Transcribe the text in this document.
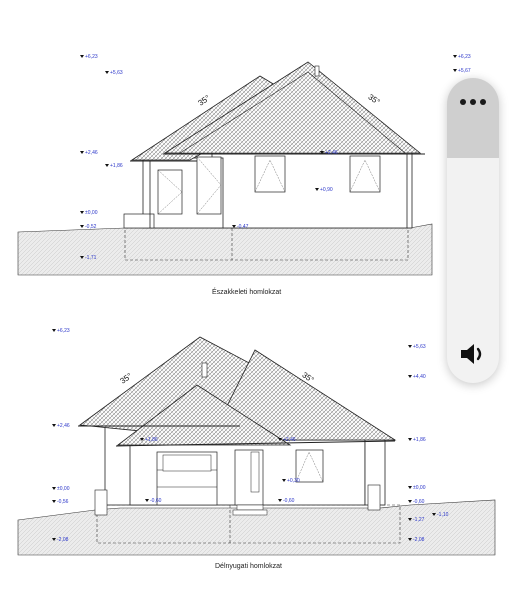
+6,23
+5,63
+2,46
+1,86
±0,00
-0,52
-1,71
+6,23
+5,67
+2,46
+0,90
-0,47
35°	35°
Északkeleti homlokzat
+6,23
+2,46
±0,00
-0,56
-2,08
+5,63
+4,40
+1,86
±0,00
-0,60
-1,27
-1,10
-2,08
+1,86	+2,46
+0,30
-0,60	-0,60
35°	35°
Délnyugati homlokzat
